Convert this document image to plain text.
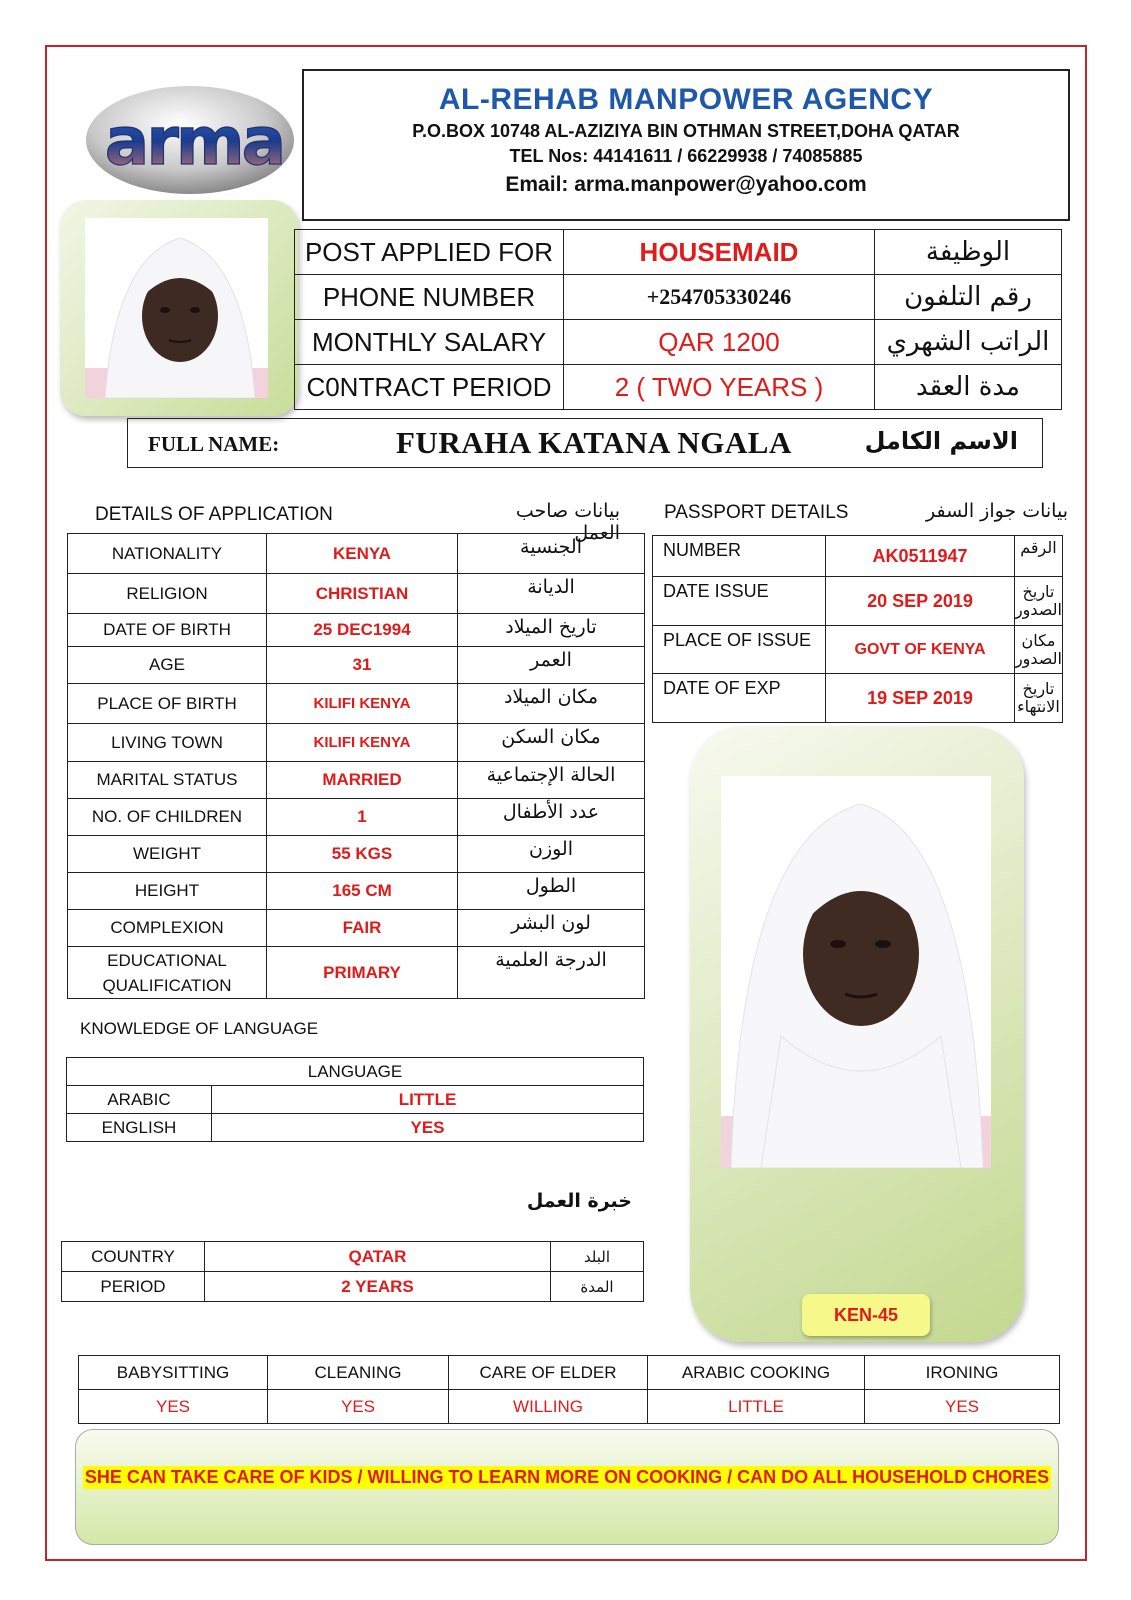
arma
AL-REHAB MANPOWER AGENCY
P.O.BOX 10748 AL-AZIZIYA BIN OTHMAN STREET,DOHA QATAR
TEL Nos: 44141611 / 66229938 / 74085885
Email: arma.manpower@yahoo.com
POST APPLIED FOR	HOUSEMAID	الوظيفة
PHONE NUMBER	+254705330246	رقم التلفون
MONTHLY SALARY	QAR 1200	الراتب الشهري
C0NTRACT PERIOD	2 ( TWO YEARS )	مدة العقد
FULL NAME:	FURAHA KATANA NGALA	الاسم الكامل
DETAILS OF APPLICATION	بيانات صاحب العمل
PASSPORT DETAILS	بيانات جواز السفر
NATIONALITY	KENYA	الجنسية
RELIGION	CHRISTIAN	الديانة
DATE OF BIRTH	25 DEC1994	تاريخ الميلاد
AGE	31	العمر
PLACE OF BIRTH	KILIFI KENYA	مكان الميلاد
LIVING TOWN	KILIFI KENYA	مكان السكن
MARITAL STATUS	MARRIED	الحالة الإجتماعية
NO. OF CHILDREN	1	عدد الأطفال
WEIGHT	55 KGS	الوزن
HEIGHT	165 CM	الطول
COMPLEXION	FAIR	لون البشر
EDUCATIONAL QUALIFICATION	PRIMARY	الدرجة العلمية
NUMBER	AK0511947	الرقم
DATE ISSUE	20 SEP 2019	تاريخ الصدور
PLACE OF ISSUE	GOVT OF KENYA	مكان الصدور
DATE OF EXP	19 SEP 2019	تاريخ الانتهاء
KEN-45
KNOWLEDGE OF LANGUAGE
LANGUAGE	
ARABIC	LITTLE
ENGLISH	YES
خبرة العمل
COUNTRY	QATAR	البلد
PERIOD	2 YEARS	المدة
BABYSITTING	CLEANING	CARE OF ELDER	ARABIC COOKING	IRONING
YES	YES	WILLING	LITTLE	YES
SHE CAN TAKE CARE OF KIDS / WILLING TO LEARN MORE ON COOKING / CAN DO ALL HOUSEHOLD CHORES
